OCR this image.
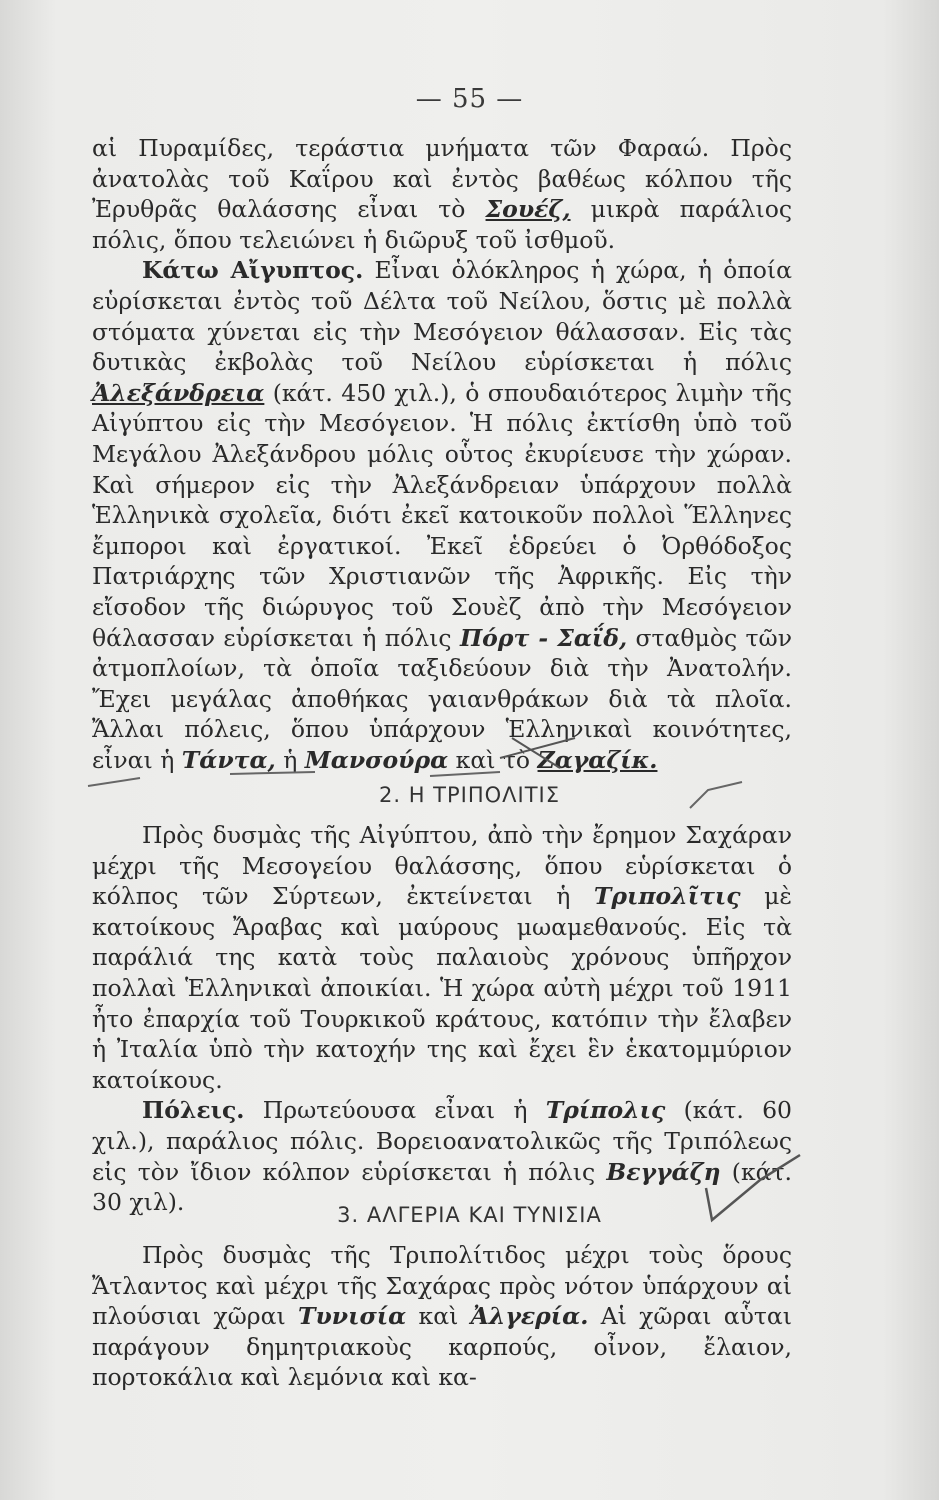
— 55 —

αἱ Πυραμίδες, τεράστια μνήματα τῶν Φαραώ. Πρὸς ἀνατολὰς τοῦ Καΐρου καὶ ἐντὸς βαθέως κόλπου τῆς Ἐρυθρᾶς θαλάσσης εἶναι τὸ Σουέζ, μικρὰ παράλιος πόλις, ὅπου τελειώνει ἡ διῶρυξ τοῦ ἰσθμοῦ.

Κάτω Αἴγυπτος. Εἶναι ὁλόκληρος ἡ χώρα, ἡ ὁποία εὑρίσκεται ἐντὸς τοῦ Δέλτα τοῦ Νείλου, ὅστις μὲ πολλὰ στόματα χύνεται εἰς τὴν Μεσόγειον θάλασσαν. Εἰς τὰς δυτικὰς ἐκβολὰς τοῦ Νείλου εὑρίσκεται ἡ πόλις Ἀλεξάνδρεια (κάτ. 450 χιλ.), ὁ σπουδαιότερος λιμὴν τῆς Αἰγύπτου εἰς τὴν Μεσόγειον. Ἡ πόλις ἐκτίσθη ὑπὸ τοῦ Μεγάλου Ἀλεξάνδρου μόλις οὗτος ἐκυρίευσε τὴν χώραν. Καὶ σήμερον εἰς τὴν Ἀλεξάνδρειαν ὑπάρχουν πολλὰ Ἑλληνικὰ σχολεῖα, διότι ἐκεῖ κατοικοῦν πολλοὶ Ἕλληνες ἔμποροι καὶ ἐργατικοί. Ἐκεῖ ἑδρεύει ὁ Ὀρθόδοξος Πατριάρχης τῶν Χριστιανῶν τῆς Ἀφρικῆς. Εἰς τὴν εἴσοδον τῆς διώρυγος τοῦ Σουὲζ ἀπὸ τὴν Μεσόγειον θάλασσαν εὑρίσκεται ἡ πόλις Πόρτ - Σαΐδ, σταθμὸς τῶν ἀτμοπλοίων, τὰ ὁποῖα ταξιδεύουν διὰ τὴν Ἀνατολήν. Ἔχει μεγάλας ἀποθήκας γαιανθράκων διὰ τὰ πλοῖα. Ἄλλαι πόλεις, ὅπου ὑπάρχουν Ἑλληνικαὶ κοινότητες, εἶναι ἡ Τάντα, ἡ Μανσούρα καὶ τὸ Ζαγαζίκ.

2. Η ΤΡΙΠΟΛΙΤΙΣ

Πρὸς δυσμὰς τῆς Αἰγύπτου, ἀπὸ τὴν ἔρημον Σαχάραν μέχρι τῆς Μεσογείου θαλάσσης, ὅπου εὑρίσκεται ὁ κόλπος τῶν Σύρτεων, ἐκτείνεται ἡ Τριπολῖτις μὲ κατοίκους Ἄραβας καὶ μαύρους μωαμεθανούς. Εἰς τὰ παράλιά της κατὰ τοὺς παλαιοὺς χρόνους ὑπῆρχον πολλαὶ Ἑλληνικαὶ ἀποικίαι. Ἡ χώρα αὐτὴ μέχρι τοῦ 1911 ἦτο ἐπαρχία τοῦ Τουρκικοῦ κράτους, κατόπιν τὴν ἔλαβεν ἡ Ἰταλία ὑπὸ τὴν κατοχήν της καὶ ἔχει ἓν ἑκατομμύριον κατοίκους.

Πόλεις. Πρωτεύουσα εἶναι ἡ Τρίπολις (κάτ. 60 χιλ.), παράλιος πόλις. Βορειοανατολικῶς τῆς Τριπόλεως εἰς τὸν ἴδιον κόλπον εὑρίσκεται ἡ πόλις Βεγγάζη (κάτ. 30 χιλ).	3. ΑΛΓΕΡΙΑ ΚΑΙ ΤΥΝΙΣΙΑ

Πρὸς δυσμὰς τῆς Τριπολίτιδος μέχρι τοὺς ὅρους Ἄτλαντος καὶ μέχρι τῆς Σαχάρας πρὸς νότον ὑπάρχουν αἱ πλούσιαι χῶραι Τυνισία καὶ Ἀλγερία. Αἱ χῶραι αὗται παράγουν δημητριακοὺς καρπούς, οἶνον, ἔλαιον, πορτοκάλια καὶ λεμόνια καὶ κα-
